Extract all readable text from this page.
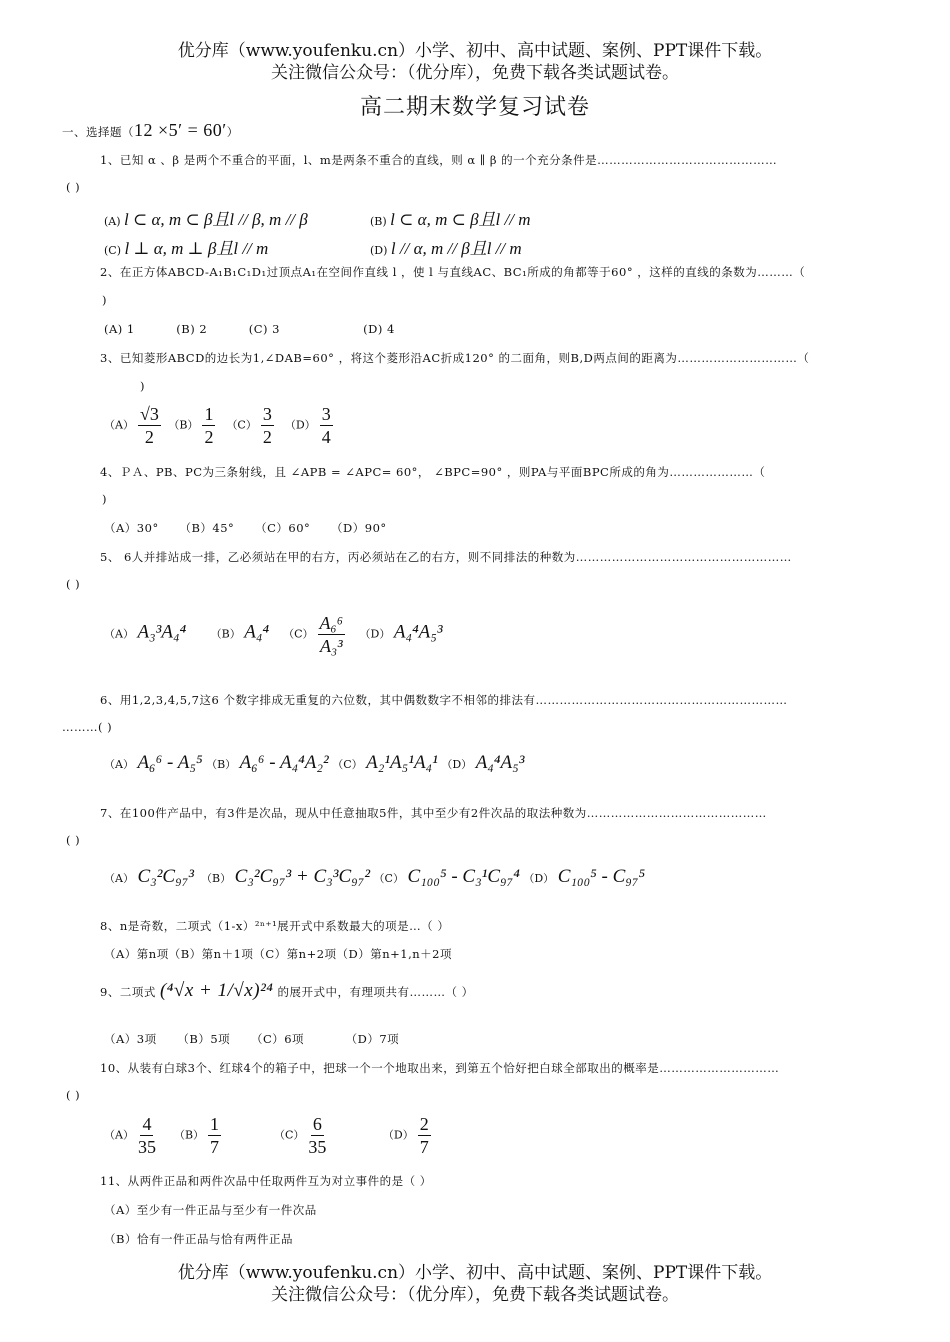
优分库（www.youfenku.cn）小学、初中、高中试题、案例、PPT课件下载。
关注微信公众号：（优分库），免费下载各类试题试卷。
高二期末数学复习试卷
一、选择题（12 ×5′ = 60′）
1、已知 α 、β 是两个不重合的平面，l、m是两条不重合的直线，则 α ∥ β 的一个充分条件是………………………………………
( )
(A) l ⊂ α, m ⊂ β且l // β, m // β	(B) l ⊂ α, m ⊂ β且l // m
(C) l ⊥ α, m ⊥ β且l // m	(D) l // α, m // β且l // m
2、在正方体ABCD-A₁B₁C₁D₁过顶点A₁在空间作直线 l ，使 l 与直线AC、BC₁所成的角都等于60° ，这样的直线的条数为………（
)
(A) 1          (B) 2          (C) 3                    (D) 4
3、已知菱形ABCD的边长为1,∠DAB=60° ，将这个菱形沿AC折成120° 的二面角，则B,D两点间的距离为…………………………（
)
$(A) \frac{√3}{2} (B) \frac{1}{2} (C) \frac{3}{2} (D) \frac{3}{4}$
4、ＰＡ、PB、PC为三条射线，且 ∠APB = ∠APC= 60°， ∠BPC=90° ，则PA与平面BPC所成的角为…………………（
)
（A）30°     （B）45°     （C）60°     （D）90°
5、 6人并排站成一排，乙必须站在甲的右方，丙必须站在乙的右方，则不同排法的种数为………………………………………………
( )
（A） A₃³A₄⁴ （B） A₄⁴ $(C) \frac{\text{A₆⁶}}{\text{A₃³}} (D)$ A₄⁴A₅³
6、用1,2,3,4,5,7这6 个数字排成无重复的六位数，其中偶数数字不相邻的排法有………………………………………………………
………( )
（A） A₆⁶ - A₅⁵ （B） A₆⁶ - A₄⁴A₂² （C） A₂¹A₅¹A₄¹ （D） A₄⁴A₅³
7、在100件产品中，有3件是次品，现从中任意抽取5件，其中至少有2件次品的取法种数为………………………………………
( )
（A） C₃²C₉₇³ （B） C₃²C₉₇³ + C₃³C₉₇² （C） C₁₀₀⁵ - C₃¹C₉₇⁴ （D） C₁₀₀⁵ - C₉₇⁵
8、n是奇数，二项式（1-x）²ⁿ⁺¹展开式中系数最大的项是…（ ）
（A）第n项（B）第n＋1项（C）第n+2项（D）第n+1,n＋2项
9、二项式 (⁴√x + 1/√x)²⁴ 的展开式中，有理项共有………（ ）
（A）3项     （B）5项     （C）6项          （D）7项
10、从装有白球3个、红球4个的箱子中，把球一个一个地取出来，到第五个恰好把白球全部取出的概率是…………………………
( )
$(A) \frac{4}{35} (B) \frac{1}{7}$	$(C) \frac{6}{35}$	$(D) \frac{2}{7}$
11、从两件正品和两件次品中任取两件互为对立事件的是（ ）
（A）至少有一件正品与至少有一件次品
（B）恰有一件正品与恰有两件正品
优分库（www.youfenku.cn）小学、初中、高中试题、案例、PPT课件下载。
关注微信公众号：（优分库），免费下载各类试题试卷。
